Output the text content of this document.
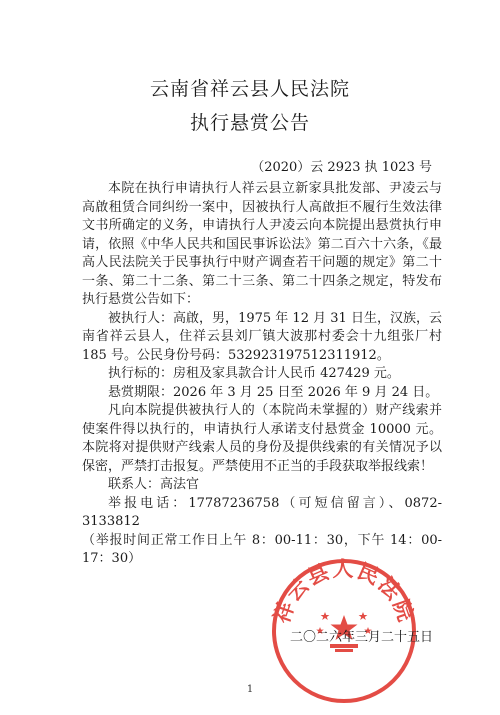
云南省祥云县人民法院
执行悬赏公告
（2020）云 2923 执 1023 号

本院在执行申请执行人祥云县立新家具批发部、尹凌云与高啟租赁合同纠纷一案中，因被执行人高啟拒不履行生效法律文书所确定的义务，申请执行人尹凌云向本院提出悬赏执行申请，依照《中华人民共和国民事诉讼法》第二百六十六条，《最高人民法院关于民事执行中财产调查若干问题的规定》第二十一条、第二十二条、第二十三条、第二十四条之规定，特发布执行悬赏公告如下：

被执行人：高啟，男，1975 年 12 月 31 日生，汉族，云南省祥云县人，住祥云县刘厂镇大波那村委会十九组张厂村 185 号。公民身份号码：532923197512311912。

执行标的：房租及家具款合计人民币 427429 元。

悬赏期限：2026 年 3 月 25 日至 2026 年 9 月 24 日。

凡向本院提供被执行人的（本院尚未掌握的）财产线索并使案件得以执行的，申请执行人承诺支付悬赏金 10000 元。本院将对提供财产线索人员的身份及提供线索的有关情况予以保密，严禁打击报复。严禁使用不正当的手段获取举报线索！

联系人：高法官

举报电话：17787236758（可短信留言）、0872-3133812

（举报时间正常工作日上午 8：00-11：30，下午 14：00-17：30）

祥云县人民法院
二〇二六年三月二十五日
1
